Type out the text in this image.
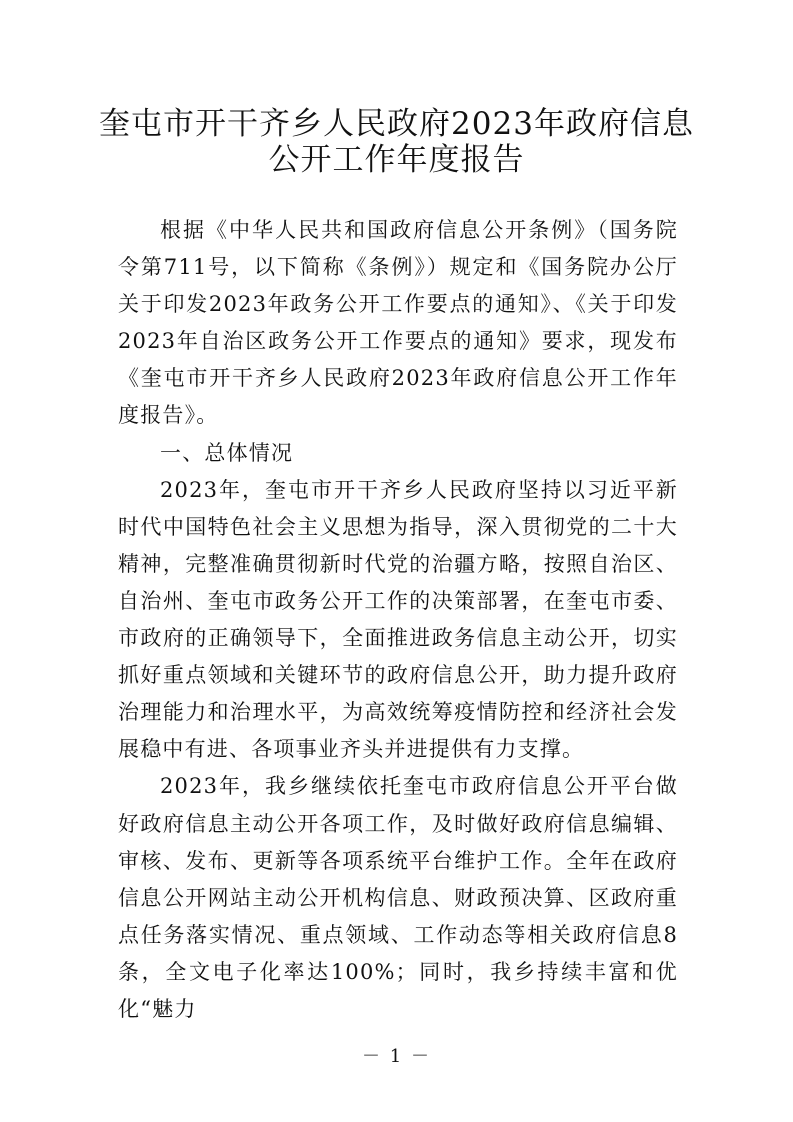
奎屯市开干齐乡人民政府2023年政府信息
公开工作年度报告

根据《中华人民共和国政府信息公开条例》（国务院令第711号，以下简称《条例》）规定和《国务院办公厅关于印发2023年政务公开工作要点的通知》、《关于印发2023年自治区政务公开工作要点的通知》要求，现发布《奎屯市开干齐乡人民政府2023年政府信息公开工作年度报告》。

一、总体情况

2023年，奎屯市开干齐乡人民政府坚持以习近平新时代中国特色社会主义思想为指导，深入贯彻党的二十大精神，完整准确贯彻新时代党的治疆方略，按照自治区、自治州、奎屯市政务公开工作的决策部署，在奎屯市委、市政府的正确领导下，全面推进政务信息主动公开，切实抓好重点领域和关键环节的政府信息公开，助力提升政府治理能力和治理水平，为高效统筹疫情防控和经济社会发展稳中有进、各项事业齐头并进提供有力支撑。

2023年，我乡继续依托奎屯市政府信息公开平台做好政府信息主动公开各项工作，及时做好政府信息编辑、审核、发布、更新等各项系统平台维护工作。全年在政府信息公开网站主动公开机构信息、财政预决算、区政府重点任务落实情况、重点领域、工作动态等相关政府信息8条，全文电子化率达100%；同时，我乡持续丰富和优化“魅力

－ 1 －
